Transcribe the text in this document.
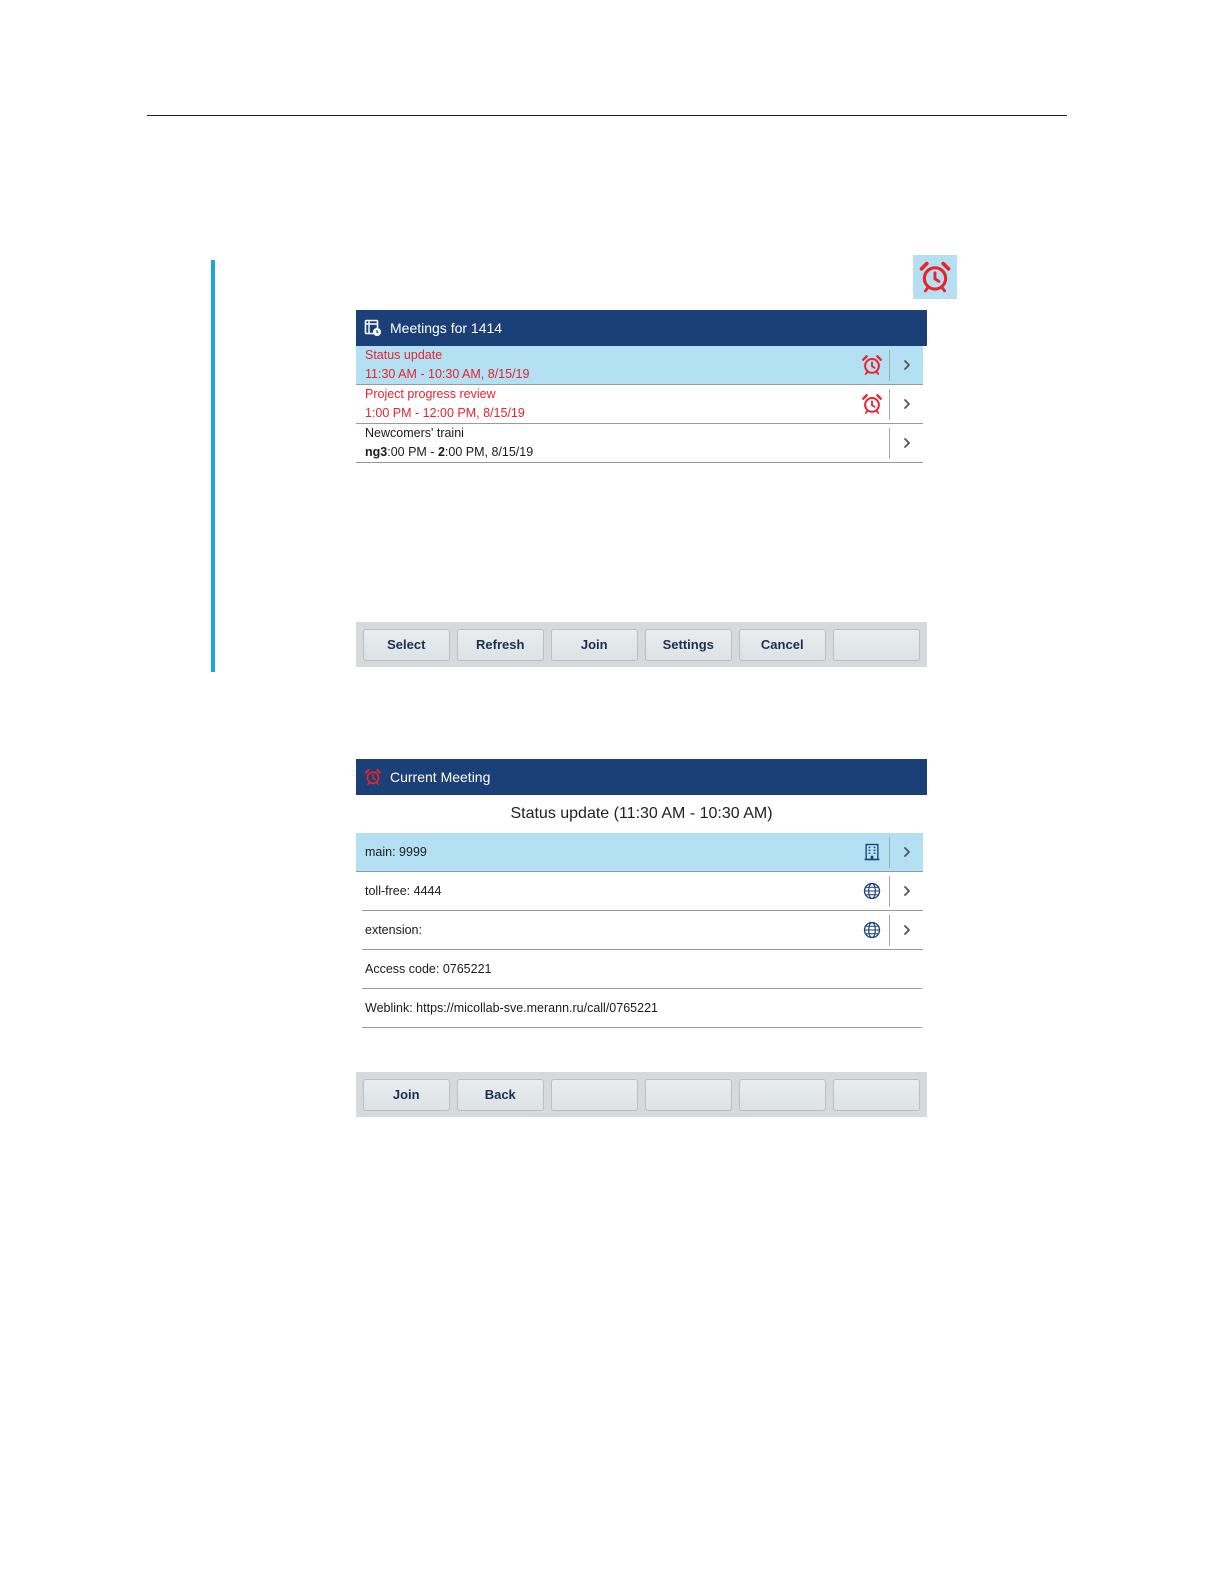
Meetings for 1414
Status update
11:30 AM - 10:30 AM, 8/15/19
Project progress review
1:00 PM - 12:00 PM, 8/15/19
Newcomers' traini
ng3:00 PM - 2:00 PM, 8/15/19
Select	Refresh	Join	Settings	Cancel
Current Meeting
Status update (11:30 AM - 10:30 AM)
main: 9999
toll-free: 4444
extension:
Access code: 0765221
Weblink: https://micollab-sve.merann.ru/call/0765221
Join	Back
